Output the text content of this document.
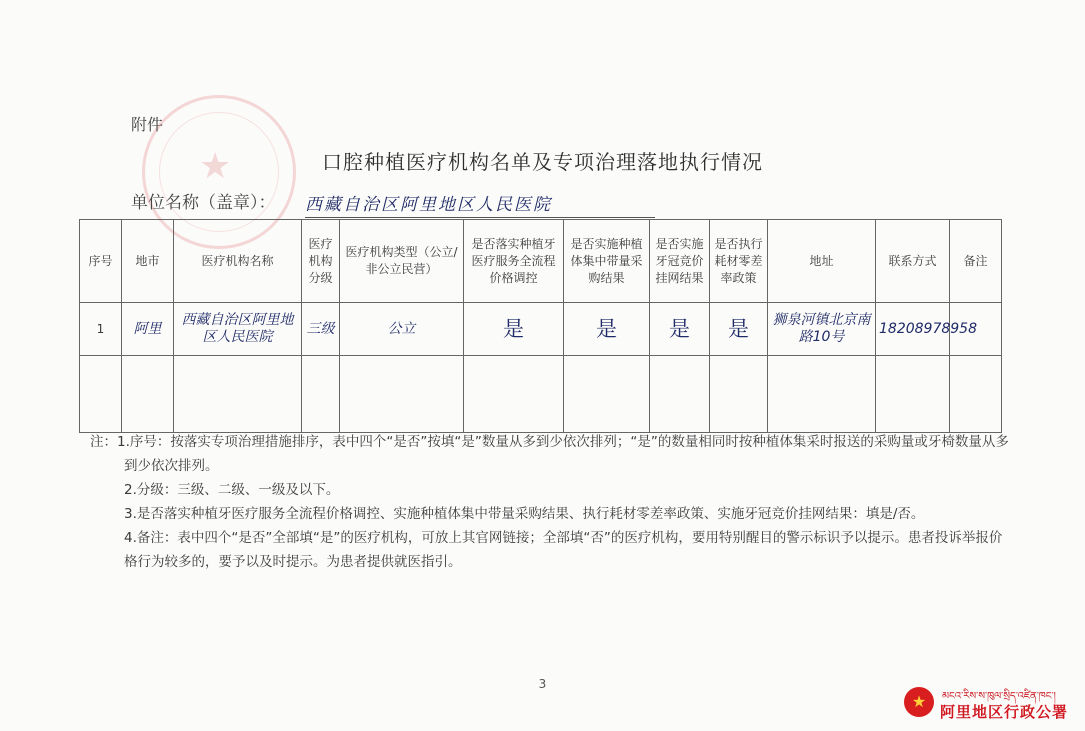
★
附件
口腔种植医疗机构名单及专项治理落地执行情况
单位名称（盖章）： 西藏自治区阿里地区人民医院
序号	地市	医疗机构名称	医疗机构分级	医疗机构类型（公立/非公立民营）	是否落实种植牙医疗服务全流程价格调控	是否实施种植体集中带量采购结果	是否实施牙冠竞价挂网结果	是否执行耗材零差率政策	地址	联系方式	备注
1	阿里	西藏自治区阿里地区人民医院	三级	公立	是	是	是	是	狮泉河镇北京南路10号	18208978958	

注：1.序号：按落实专项治理措施排序，表中四个“是否”按填“是”数量从多到少依次排列；“是”的数量相同时按种植体集采时报送的采购量或牙椅数量从多到少依次排列。
2.分级：三级、二级、一级及以下。
3.是否落实种植牙医疗服务全流程价格调控、实施种植体集中带量采购结果、执行耗材零差率政策、实施牙冠竞价挂网结果：填是/否。
4.备注：表中四个“是否”全部填“是”的医疗机构，可放上其官网链接；全部填“否”的医疗机构，要用特别醒目的警示标识予以提示。患者投诉举报价格行为较多的，要予以及时提示。为患者提供就医指引。
3
★	མངའ་རིས་ས་ཁུལ་སྲིད་འཛིན་ཁང་།
阿里地区行政公署
